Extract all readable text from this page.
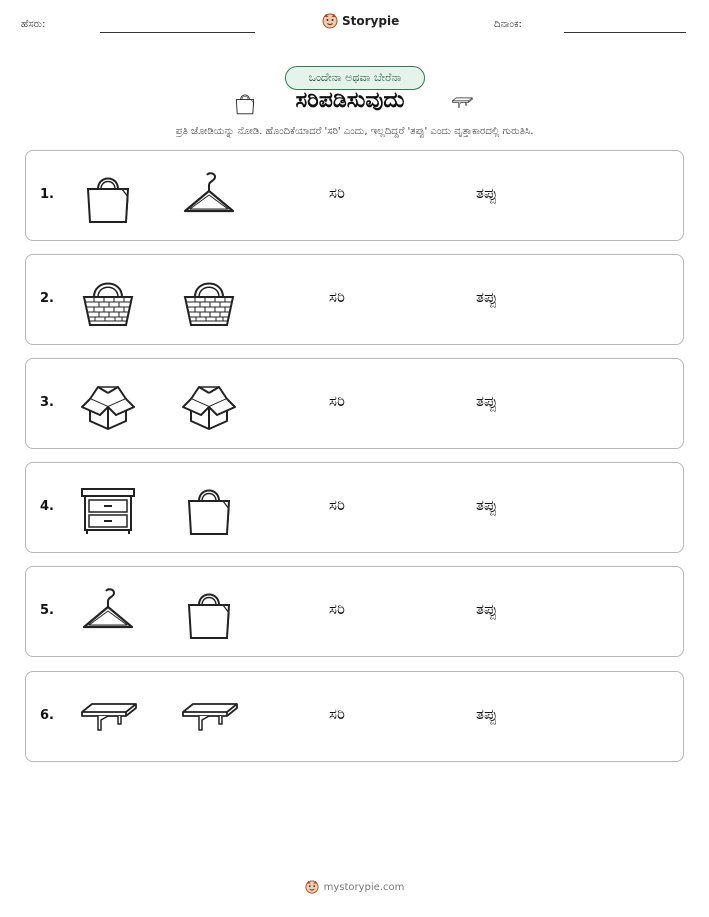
ಹೆಸರು:	Storypie	ದಿನಾಂಕ:
ಒಂದೇನಾ ಅಥವಾ ಬೇರೆನಾ
ಸರಿಪಡಿಸುವುದು
ಪ್ರತಿ ಜೋಡಿಯನ್ನು ನೋಡಿ. ಹೊಂದಿಕೆಯಾದರೆ 'ಸರಿ' ಎಂದು, ಇಲ್ಲದಿದ್ದರೆ 'ತಪ್ಪು' ಎಂದು ವೃತ್ತಾಕಾರದಲ್ಲಿ ಗುರುತಿಸಿ.
1.	ಸರಿ	ತಪ್ಪು
2.	ಸರಿ	ತಪ್ಪು
3.	ಸರಿ	ತಪ್ಪು
4.	ಸರಿ	ತಪ್ಪು
5.	ಸರಿ	ತಪ್ಪು
6.	ಸರಿ	ತಪ್ಪು
mystorypie.com
